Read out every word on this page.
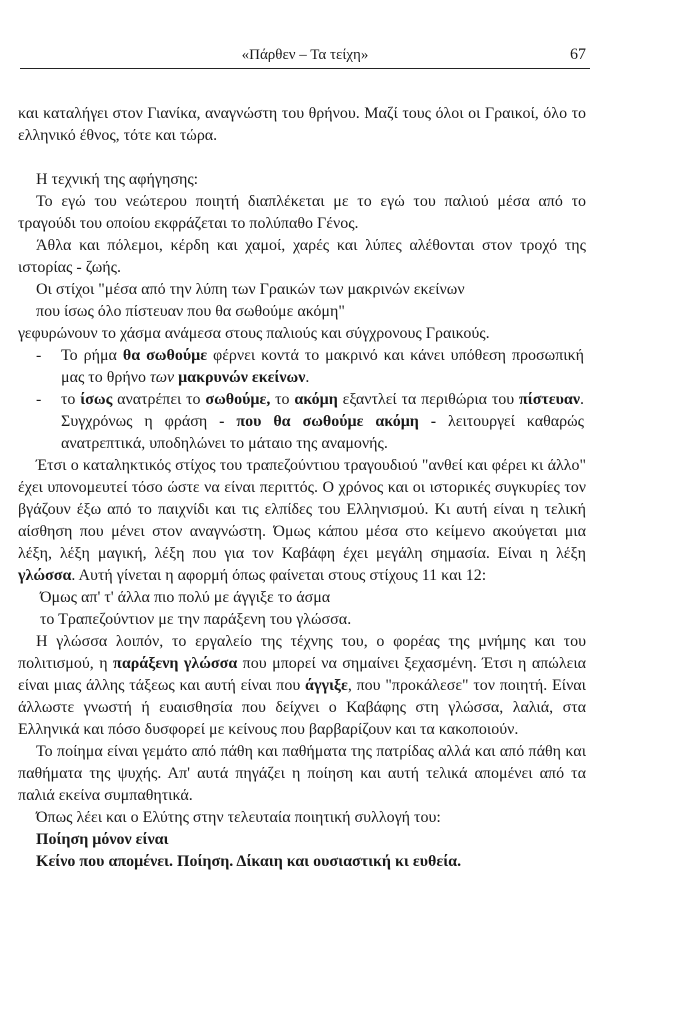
«Πάρθεν – Τα τείχη»	67

και καταλήγει στον Γιανίκα, αναγνώστη του θρήνου. Μαζί τους όλοι οι Γραικοί, όλο το ελληνικό έθνος, τότε και τώρα.

Η τεχνική της αφήγησης:

Το εγώ του νεώτερου ποιητή διαπλέκεται με το εγώ του παλιού μέσα από το τραγούδι του οποίου εκφράζεται το πολύπαθο Γένος.

Άθλα και πόλεμοι, κέρδη και χαμοί, χαρές και λύπες αλέθονται στον τροχό της ιστορίας - ζωής.

Οι στίχοι "μέσα από την λύπη των Γραικών των μακρινών εκείνων

που ίσως όλο πίστευαν που θα σωθούμε ακόμη"

γεφυρώνουν το χάσμα ανάμεσα στους παλιούς και σύγχρονους Γραικούς.

- Το ρήμα θα σωθούμε φέρνει κοντά το μακρινό και κάνει υπόθεση προσωπική μας το θρήνο των μακρυνών εκείνων.
- το ίσως ανατρέπει το σωθούμε, το ακόμη εξαντλεί τα περιθώρια του πίστευαν. Συγχρόνως η φράση - που θα σωθούμε ακόμη - λειτουργεί καθαρώς ανατρεπτικά, υποδηλώνει το μάταιο της αναμονής.

Έτσι ο καταληκτικός στίχος του τραπεζούντιου τραγουδιού "ανθεί και φέρει κι άλλο" έχει υπονομευτεί τόσο ώστε να είναι περιττός. Ο χρόνος και οι ιστορικές συγκυρίες τον βγάζουν έξω από το παιχνίδι και τις ελπίδες του Ελληνισμού. Κι αυτή είναι η τελική αίσθηση που μένει στον αναγνώστη. Όμως κάπου μέσα στο κείμενο ακούγεται μια λέξη, λέξη μαγική, λέξη που για τον Καβάφη έχει μεγάλη σημασία. Είναι η λέξη γλώσσα. Αυτή γίνεται η αφορμή όπως φαίνεται στους στίχους 11 και 12:

Όμως απ' τ' άλλα πιο πολύ με άγγιξε το άσμα

το Τραπεζούντιον με την παράξενη του γλώσσα.

Η γλώσσα λοιπόν, το εργαλείο της τέχνης του, ο φορέας της μνήμης και του πολιτισμού, η παράξενη γλώσσα που μπορεί να σημαίνει ξεχασμένη. Έτσι η απώλεια είναι μιας άλλης τάξεως και αυτή είναι που άγγιξε, που "προκάλεσε" τον ποιητή. Είναι άλλωστε γνωστή ή ευαισθησία που δείχνει ο Καβάφης στη γλώσσα, λαλιά, στα Ελληνικά και πόσο δυσφορεί με κείνους που βαρβαρίζουν και τα κακοποιούν.

Το ποίημα είναι γεμάτο από πάθη και παθήματα της πατρίδας αλλά και από πάθη και παθήματα της ψυχής. Απ' αυτά πηγάζει η ποίηση και αυτή τελικά απομένει από τα παλιά εκείνα συμπαθητικά.

Όπως λέει και ο Ελύτης στην τελευταία ποιητική συλλογή του:

Ποίηση μόνον είναι

Κείνο που απομένει. Ποίηση. Δίκαιη και ουσιαστική κι ευθεία.
